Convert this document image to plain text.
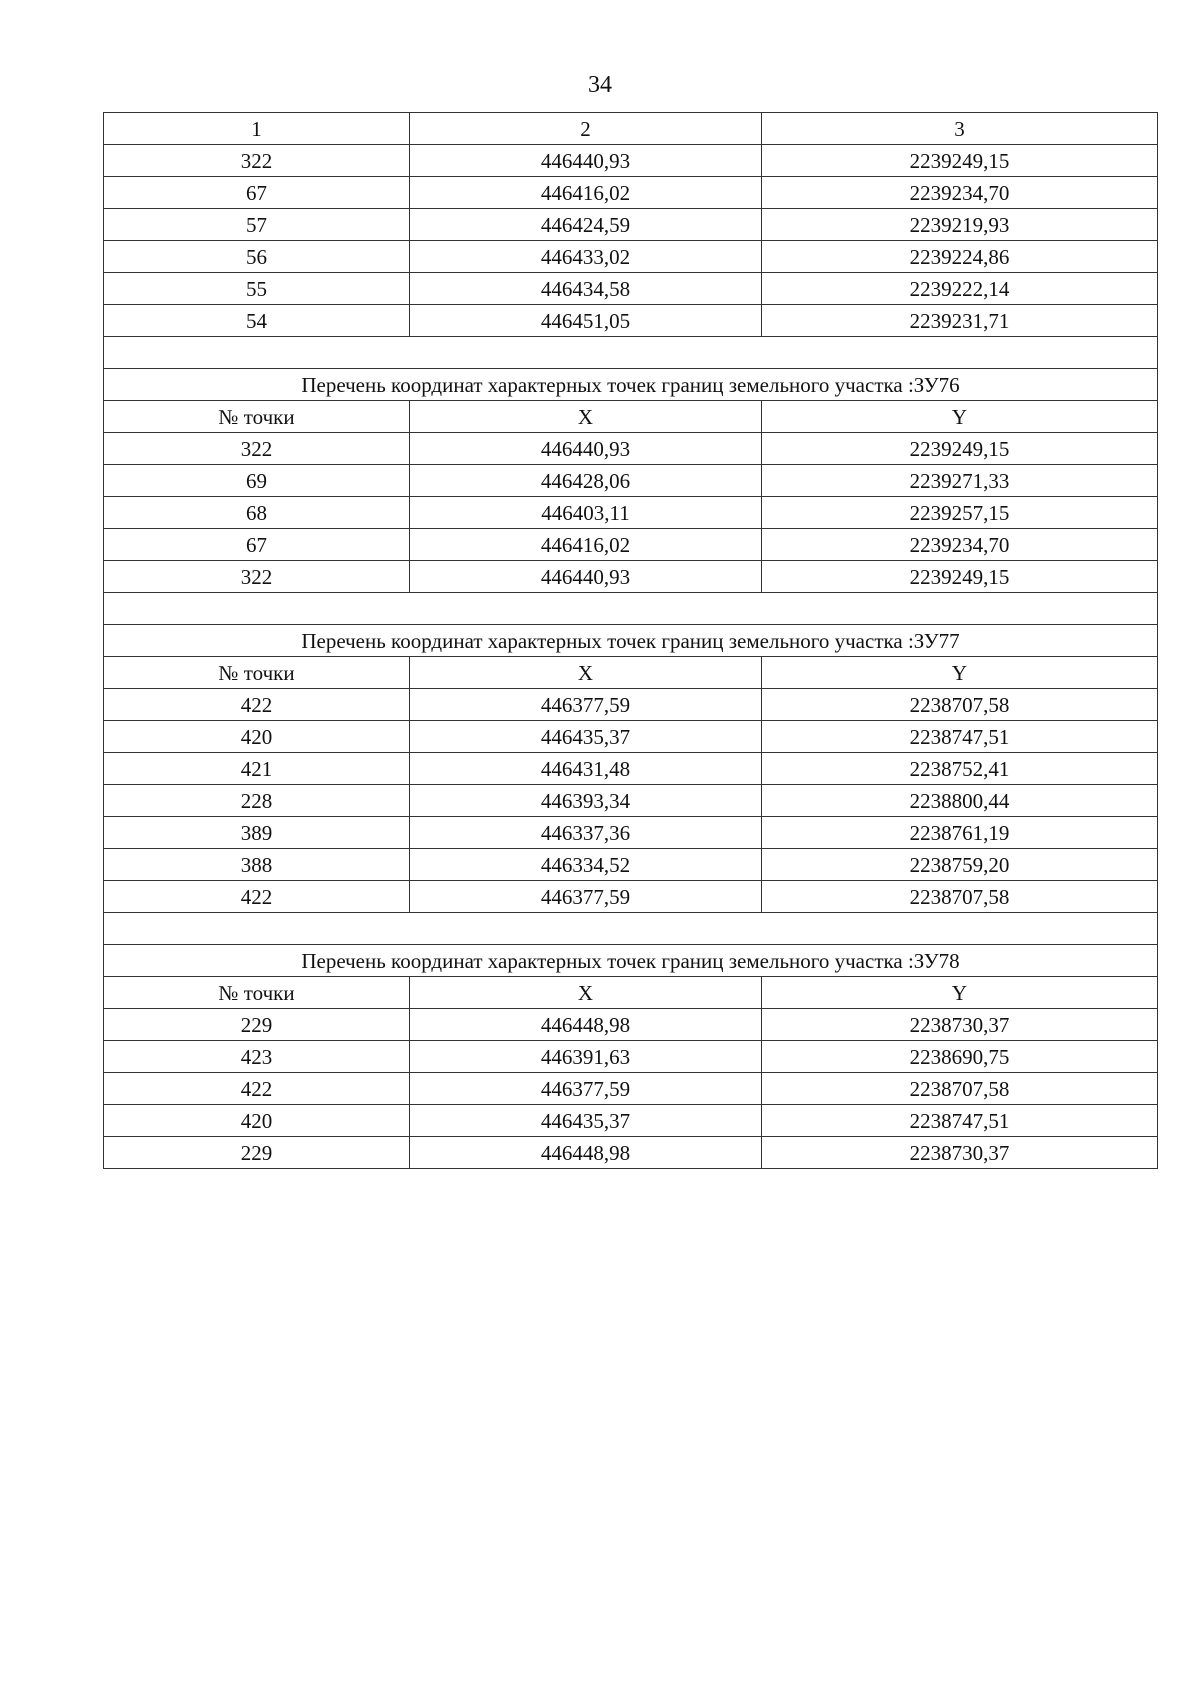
34
1	2	3
322	446440,93	2239249,15
67	446416,02	2239234,70
57	446424,59	2239219,93
56	446433,02	2239224,86
55	446434,58	2239222,14
54	446451,05	2239231,71

Перечень координат характерных точек границ земельного участка :ЗУ76		
№ точки	X	Y
322	446440,93	2239249,15
69	446428,06	2239271,33
68	446403,11	2239257,15
67	446416,02	2239234,70
322	446440,93	2239249,15

Перечень координат характерных точек границ земельного участка :ЗУ77		
№ точки	X	Y
422	446377,59	2238707,58
420	446435,37	2238747,51
421	446431,48	2238752,41
228	446393,34	2238800,44
389	446337,36	2238761,19
388	446334,52	2238759,20
422	446377,59	2238707,58

Перечень координат характерных точек границ земельного участка :ЗУ78		
№ точки	X	Y
229	446448,98	2238730,37
423	446391,63	2238690,75
422	446377,59	2238707,58
420	446435,37	2238747,51
229	446448,98	2238730,37
